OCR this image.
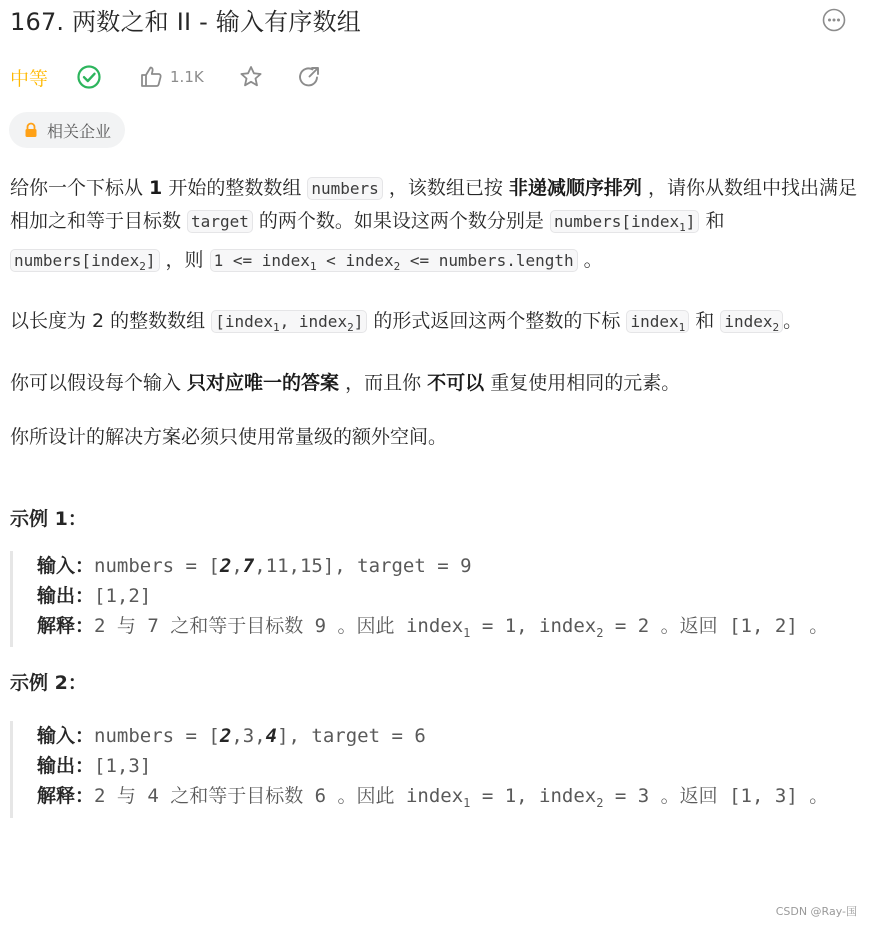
167. 两数之和 II - 输入有序数组
中等	1.1K
相关企业

给你一个下标从 1 开始的整数数组 numbers ，该数组已按 非递减顺序排列 ，请你从数组中找出满足相加之和等于目标数 target 的两个数。如果设这两个数分别是 numbers[index$_1$] 和 numbers[index$_2$] ，则 1 <= index$_1$ < index$_2$ <= numbers.length 。

以长度为 2 的整数数组 [index$_1$, index$_2$] 的形式返回这两个整数的下标 index$_1$ 和 index$_2$ 。

你可以假设每个输入 只对应唯一的答案 ，而且你 不可以 重复使用相同的元素。

你所设计的解决方案必须只使用常量级的额外空间。

示例 1：

输入：numbers = [2,7,11,15], target = 9
输出：[1,2]
解释：2 与 7 之和等于目标数 9 。因此 index$_1$ = 1, index$_2$ = 2 。返回 [1, 2] 。

示例 2：

输入：numbers = [2,3,4], target = 6
输出：[1,3]
解释：2 与 4 之和等于目标数 6 。因此 index$_1$ = 1, index$_2$ = 3 。返回 [1, 3] 。
CSDN @Ray-国
